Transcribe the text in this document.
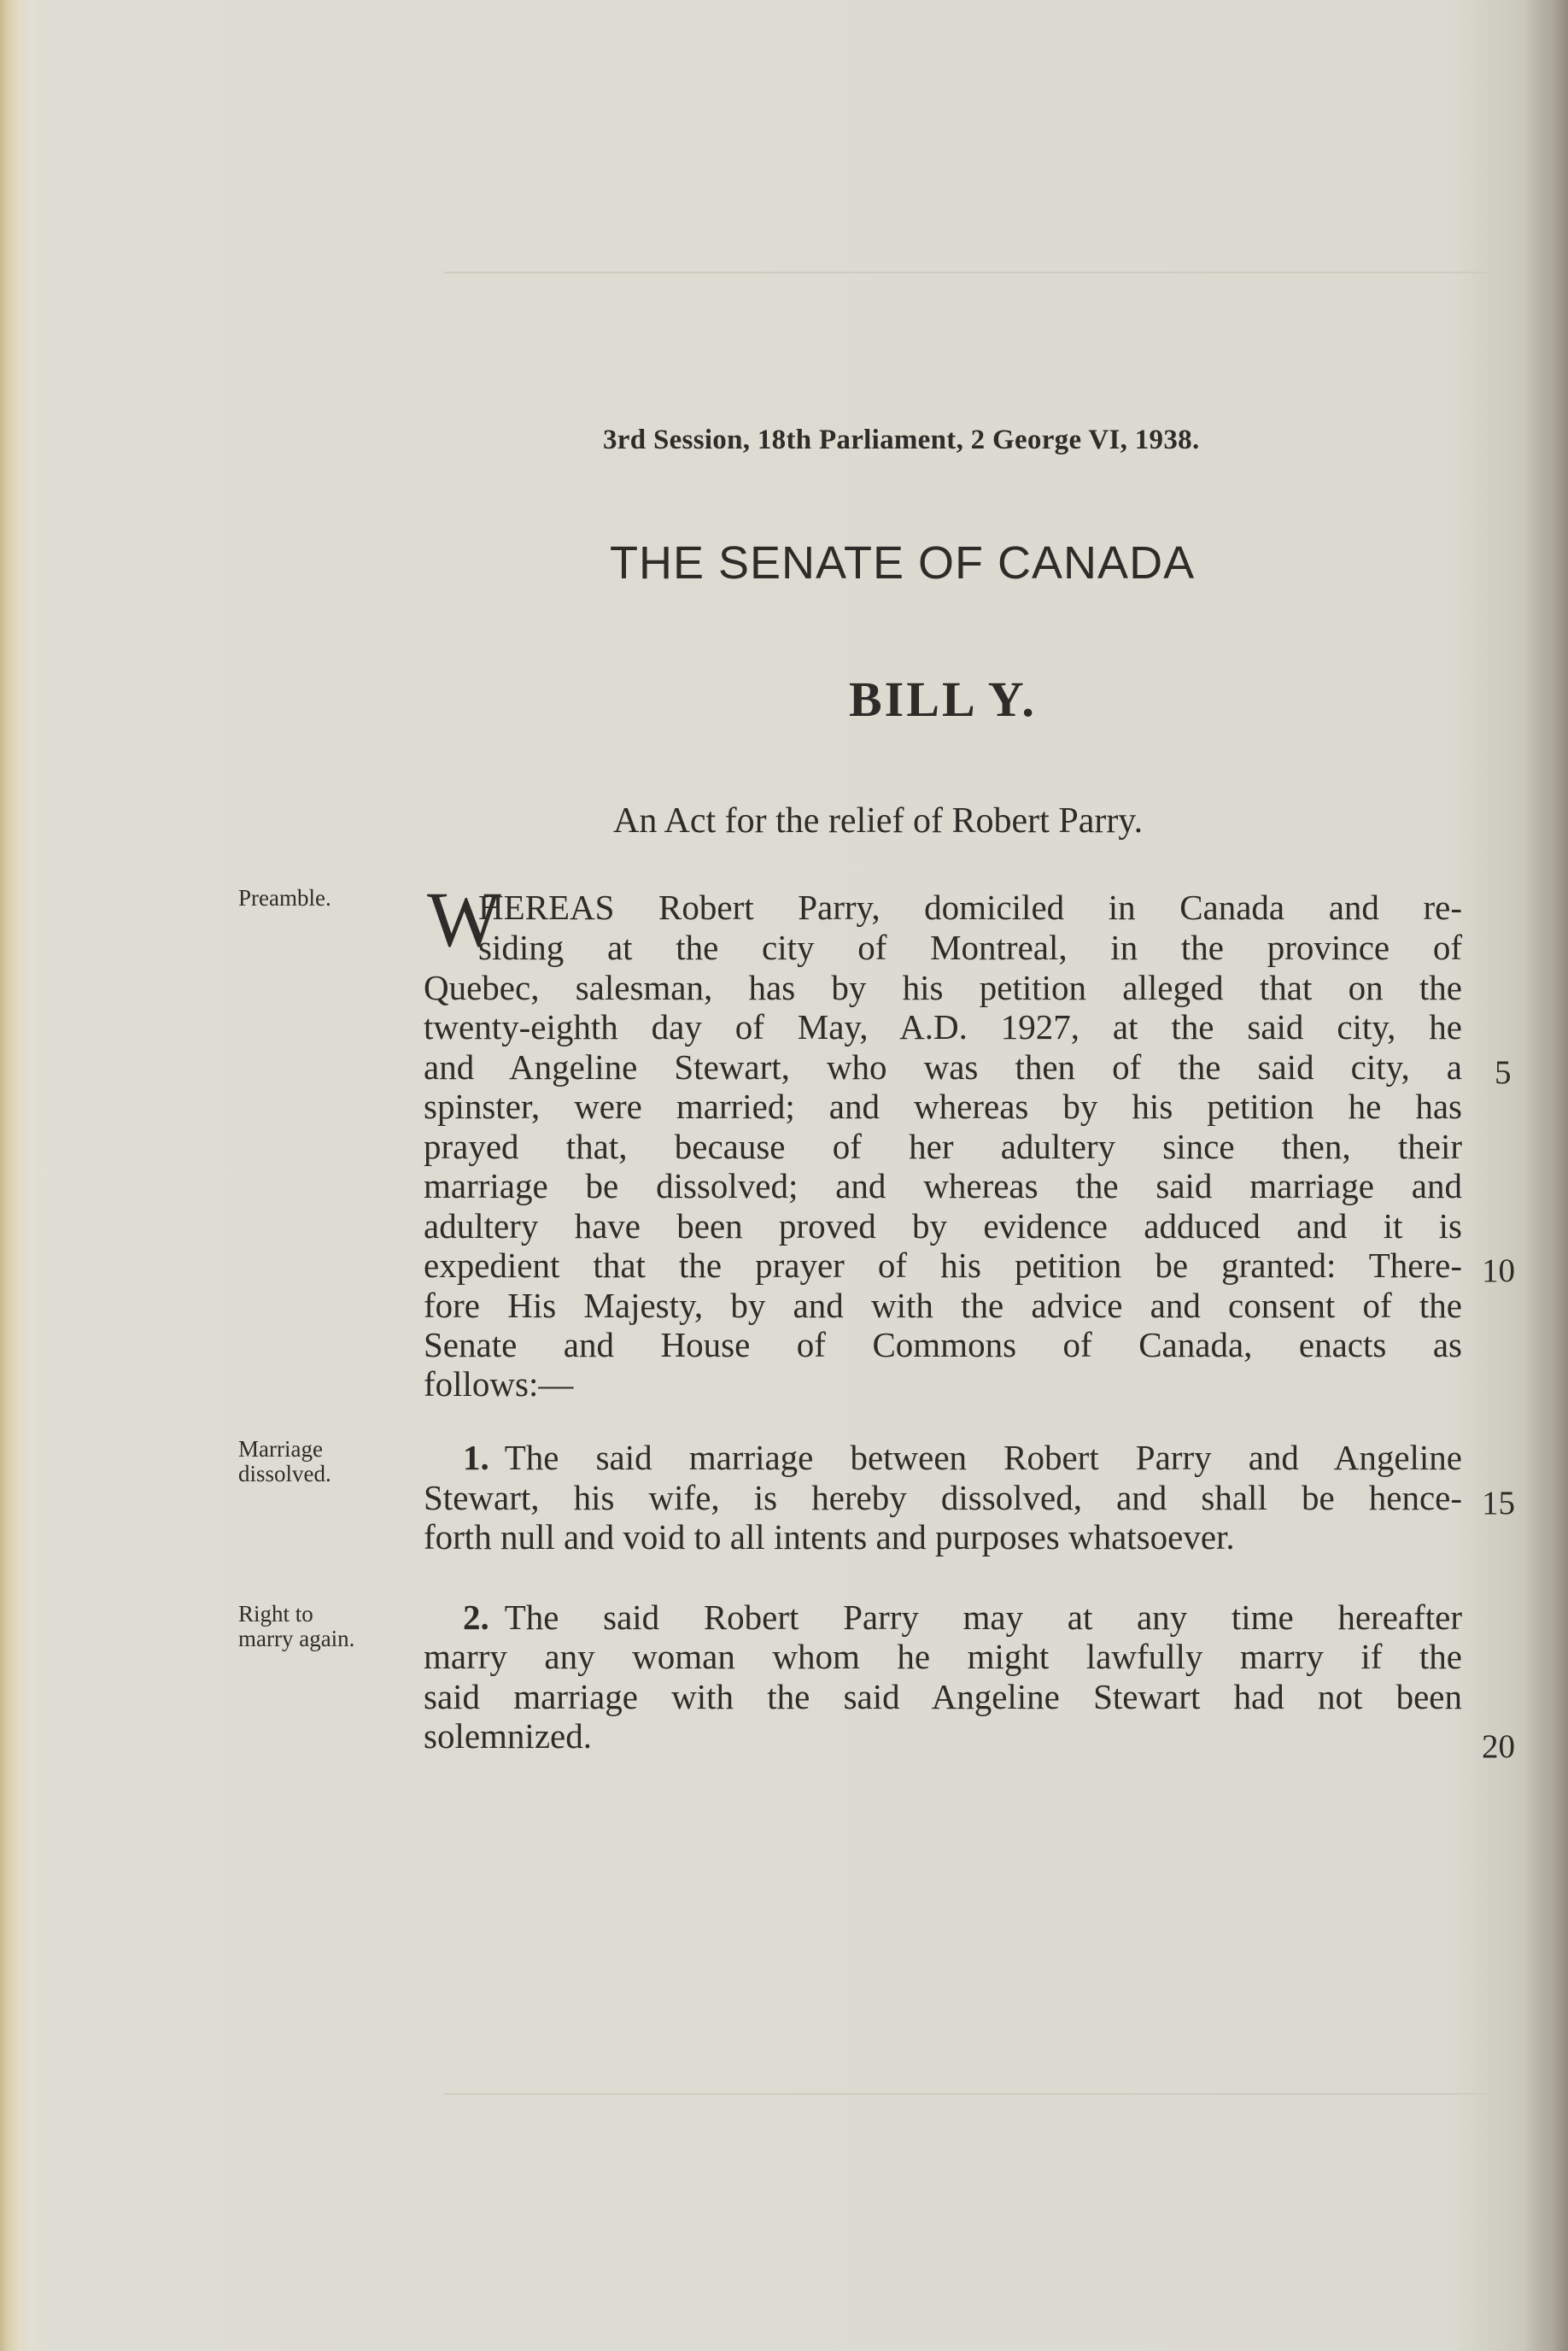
3rd Session, 18th Parliament, 2 George VI, 1938.
THE SENATE OF CANADA
BILL Y.
An Act for the relief of Robert Parry.
Preamble.
Marriage
dissolved.
Right to
marry again.
W
HEREAS Robert Parry, domiciled in Canada and re-
siding at the city of Montreal, in the province of
Quebec, salesman, has by his petition alleged that on the
twenty-eighth day of May, A.D. 1927, at the said city, he
and Angeline Stewart, who was then of the said city, a
spinster, were married; and whereas by his petition he has
prayed that, because of her adultery since then, their
marriage be dissolved; and whereas the said marriage and
adultery have been proved by evidence adduced and it is
expedient that the prayer of his petition be granted: There-
fore His Majesty, by and with the advice and consent of the
Senate and House of Commons of Canada, enacts as
follows:—
1. The said marriage between Robert Parry and Angeline
Stewart, his wife, is hereby dissolved, and shall be hence-
forth null and void to all intents and purposes whatsoever.
2. The said Robert Parry may at any time hereafter
marry any woman whom he might lawfully marry if the
said marriage with the said Angeline Stewart had not been
solemnized.
5
10
15
20
